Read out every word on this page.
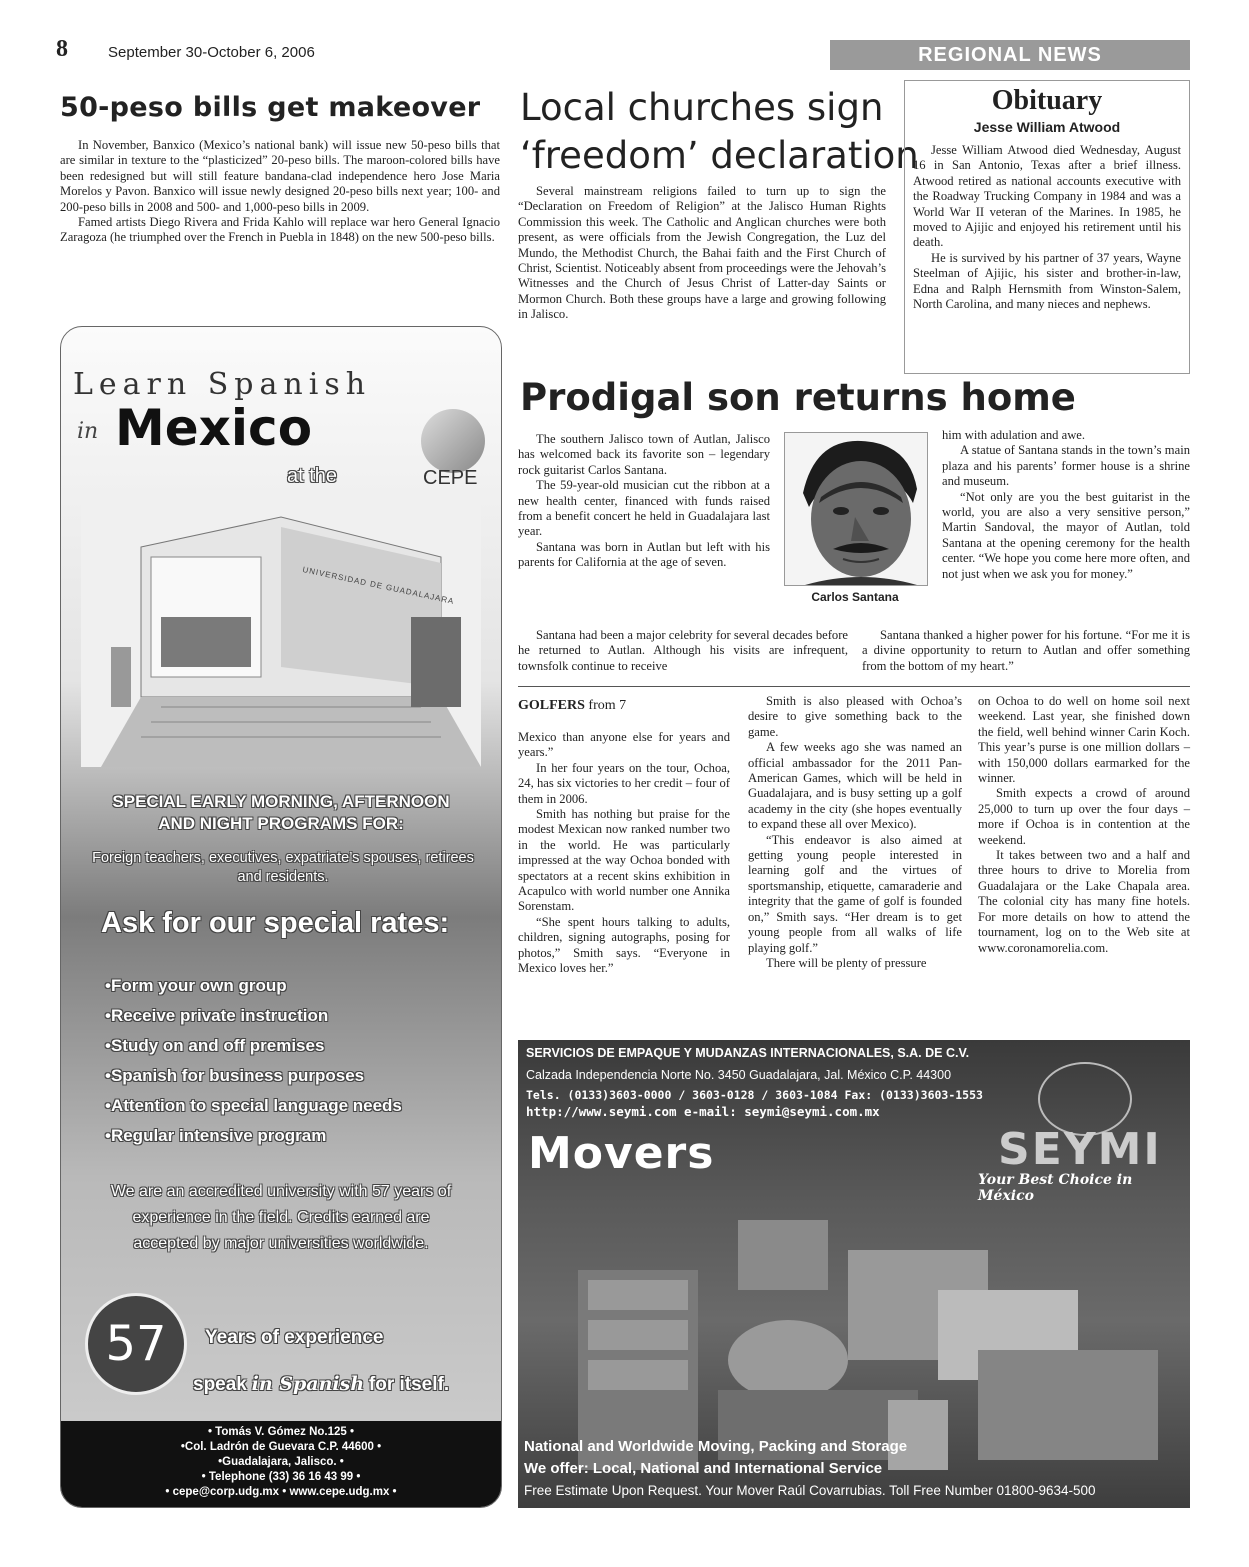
8	September 30-October 6, 2006	REGIONAL NEWS
50-peso bills get makeover

In November, Banxico (Mexico’s national bank) will issue new 50-peso bills that are similar in texture to the “plasticized” 20-peso bills. The maroon-colored bills have been redesigned but will still feature bandana-clad independence hero Jose Maria Morelos y Pavon. Banxico will issue newly designed 20-peso bills next year; 100- and 200-peso bills in 2008 and 500- and 1,000-peso bills in 2009.

Famed artists Diego Rivera and Frida Kahlo will replace war hero General Ignacio Zaragoza (he triumphed over the French in Puebla in 1848) on the new 500-peso bills.

Local churches sign
‘freedom’ declaration

Several mainstream religions failed to turn up to sign the “Declaration on Freedom of Religion” at the Jalisco Human Rights Commission this week. The Catholic and Anglican churches were both present, as were officials from the Jewish Congregation, the Luz del Mundo, the Methodist Church, the Bahai faith and the First Church of Christ, Scientist. Noticeably absent from proceedings were the Jehovah’s Witnesses and the Church of Jesus Christ of Latter-day Saints or Mormon Church. Both these groups have a large and growing following in Jalisco.

Obituary
Jesse William Atwood

Jesse William Atwood died Wednesday, August 16 in San Antonio, Texas after a brief illness. Atwood retired as national accounts executive with the Roadway Trucking Company in 1984 and was a World War II veteran of the Marines. In 1985, he moved to Ajijic and enjoyed his retirement until his death.

He is survived by his partner of 37 years, Wayne Steelman of Ajijic, his sister and brother-in-law, Edna and Ralph Hernsmith from Winston-Salem, North Carolina, and many nieces and nephews.

Prodigal son returns home

The southern Jalisco town of Autlan, Jalisco has welcomed back its favorite son – legendary rock guitarist Carlos Santana.

The 59-year-old musician cut the ribbon at a new health center, financed with funds raised from a benefit concert he held in Guadalajara last year.

Santana was born in Autlan but left with his parents for California at the age of seven.

Santana had been a major celebrity for several decades before he returned to Autlan. Although his visits are infrequent, townsfolk continue to receive

Carlos Santana

him with adulation and awe.

A statue of Santana stands in the town’s main plaza and his parents’ former house is a shrine and museum.

“Not only are you the best guitarist in the world, you are also a very sensitive person,” Martin Sandoval, the mayor of Autlan, told Santana at the opening ceremony for the health center. “We hope you come here more often, and not just when we ask you for money.”

Santana thanked a higher power for his fortune. “For me it is a divine opportunity to return to Autlan and offer something from the bottom of my heart.”

GOLFERS from 7

Mexico than anyone else for years and years.”

In her four years on the tour, Ochoa, 24, has six victories to her credit – four of them in 2006.

Smith has nothing but praise for the modest Mexican now ranked number two in the world. He was particularly impressed at the way Ochoa bonded with spectators at a recent skins exhibition in Acapulco with world number one Annika Sorenstam.

“She spent hours talking to adults, children, signing autographs, posing for photos,” Smith says. “Everyone in Mexico loves her.”

Smith is also pleased with Ochoa’s desire to give something back to the game.

A few weeks ago she was named an official ambassador for the 2011 Pan-American Games, which will be held in Guadalajara, and is busy setting up a golf academy in the city (she hopes eventually to expand these all over Mexico).

“This endeavor is also aimed at getting young people interested in learning golf and the virtues of sportsmanship, etiquette, camaraderie and integrity that the game of golf is founded on,” Smith says. “Her dream is to get young people from all walks of life playing golf.”

There will be plenty of pressure

on Ochoa to do well on home soil next weekend. Last year, she finished down the field, well behind winner Carin Koch. This year’s purse is one million dollars – with 150,000 dollars earmarked for the winner.

Smith expects a crowd of around 25,000 to turn up over the four days – more if Ochoa is in contention at the weekend.

It takes between two and a half and three hours to drive to Morelia from Guadalajara or the Lake Chapala area. The colonial city has many fine hotels. For more details on how to attend the tournament, log on to the Web site at www.coronamorelia.com.

Learn Spanish
in Mexico
at the	CEPE
UNIVERSIDAD DE GUADALAJARA
SPECIAL EARLY MORNING, AFTERNOON
AND NIGHT PROGRAMS FOR:
Foreign teachers, executives, expatriate’s spouses, retirees and residents.
Ask for our special rates:
•Form your own group
•Receive private instruction
•Study on and off premises
•Spanish for business purposes
•Attention to special language needs
•Regular intensive program
We are an accredited university with 57 years of experience in the field. Credits earned are accepted by major universities worldwide.
57	Years of experience
speak in Spanish for itself.
• Tomás V. Gómez No.125 •
•Col. Ladrón de Guevara C.P. 44600 •
•Guadalajara, Jalisco. •
• Telephone (33) 36 16 43 99 •
• cepe@corp.udg.mx • www.cepe.udg.mx •
SERVICIOS DE EMPAQUE Y MUDANZAS INTERNACIONALES, S.A. DE C.V.
Calzada Independencia Norte No. 3450 Guadalajara, Jal. México C.P. 44300
Tels. (0133)3603-0000 / 3603-0128 / 3603-1084 Fax: (0133)3603-1553
http://www.seymi.com e-mail: seymi@seymi.com.mx
Movers	SEYMI
Your Best Choice in México
National and Worldwide Moving, Packing and Storage
We offer: Local, National and International Service
Free Estimate Upon Request. Your Mover Raúl Covarrubias. Toll Free Number 01800-9634-500
